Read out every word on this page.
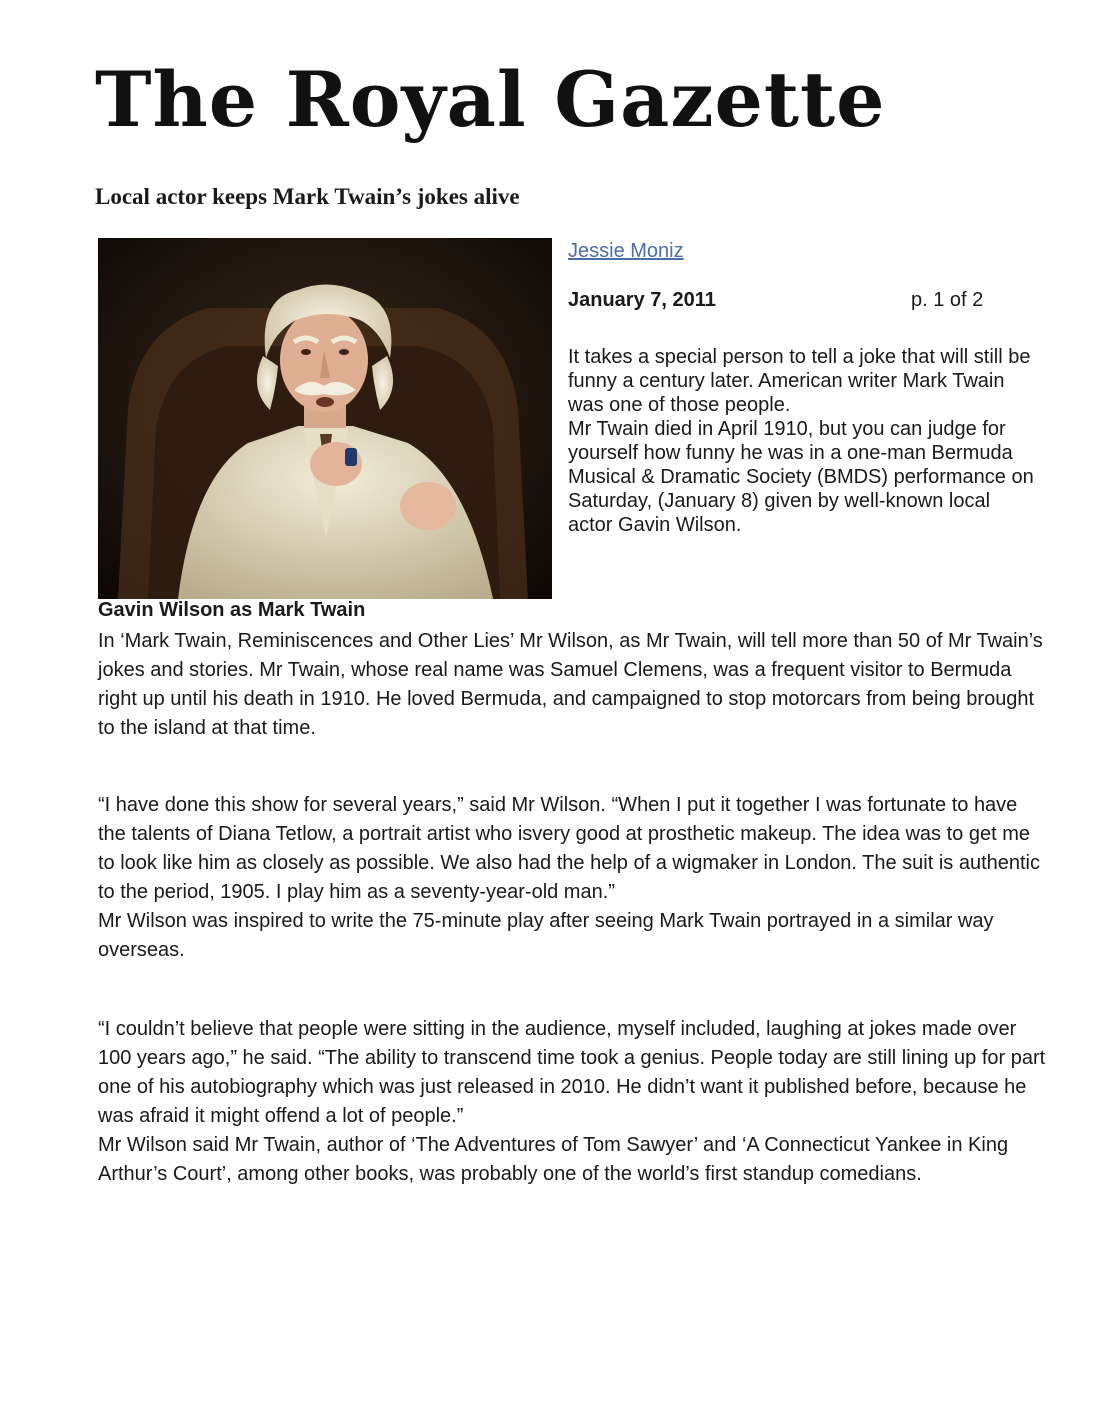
The Royal Gazette
Local actor keeps Mark Twain’s jokes alive
Jessie Moniz
January 7, 2011	p. 1 of 2

It takes a special person to tell a joke that will still be funny a century later. American writer Mark Twain was one of those people.

Mr Twain died in April 1910, but you can judge for yourself how funny he was in a one-man Bermuda Musical & Dramatic Society (BMDS) performance on Saturday, (January 8) given by well-known local actor Gavin Wilson.

Gavin Wilson as Mark Twain

In ‘Mark Twain, Reminiscences and Other Lies’ Mr Wilson, as Mr Twain, will tell more than 50 of Mr Twain’s jokes and stories. Mr Twain, whose real name was Samuel Clemens, was a frequent visitor to Bermuda right up until his death in 1910. He loved Bermuda, and campaigned to stop motorcars from being brought to the island at that time.

“I have done this show for several years,” said Mr Wilson. “When I put it together I was fortunate to have the talents of Diana Tetlow, a portrait artist who isvery good at prosthetic makeup. The idea was to get me to look like him as closely as possible. We also had the help of a wigmaker in London. The suit is authentic to the period, 1905. I play him as a seventy-year-old man.”

Mr Wilson was inspired to write the 75-minute play after seeing Mark Twain portrayed in a similar way overseas.

“I couldn’t believe that people were sitting in the audience, myself included, laughing at jokes made over 100 years ago,” he said. “The ability to transcend time took a genius. People today are still lining up for part one of his autobiography which was just released in 2010. He didn’t want it published before, because he was afraid it might offend a lot of people.”

Mr Wilson said Mr Twain, author of ‘The Adventures of Tom Sawyer’ and ‘A Connecticut Yankee in King Arthur’s Court’, among other books, was probably one of the world’s first standup comedians.
